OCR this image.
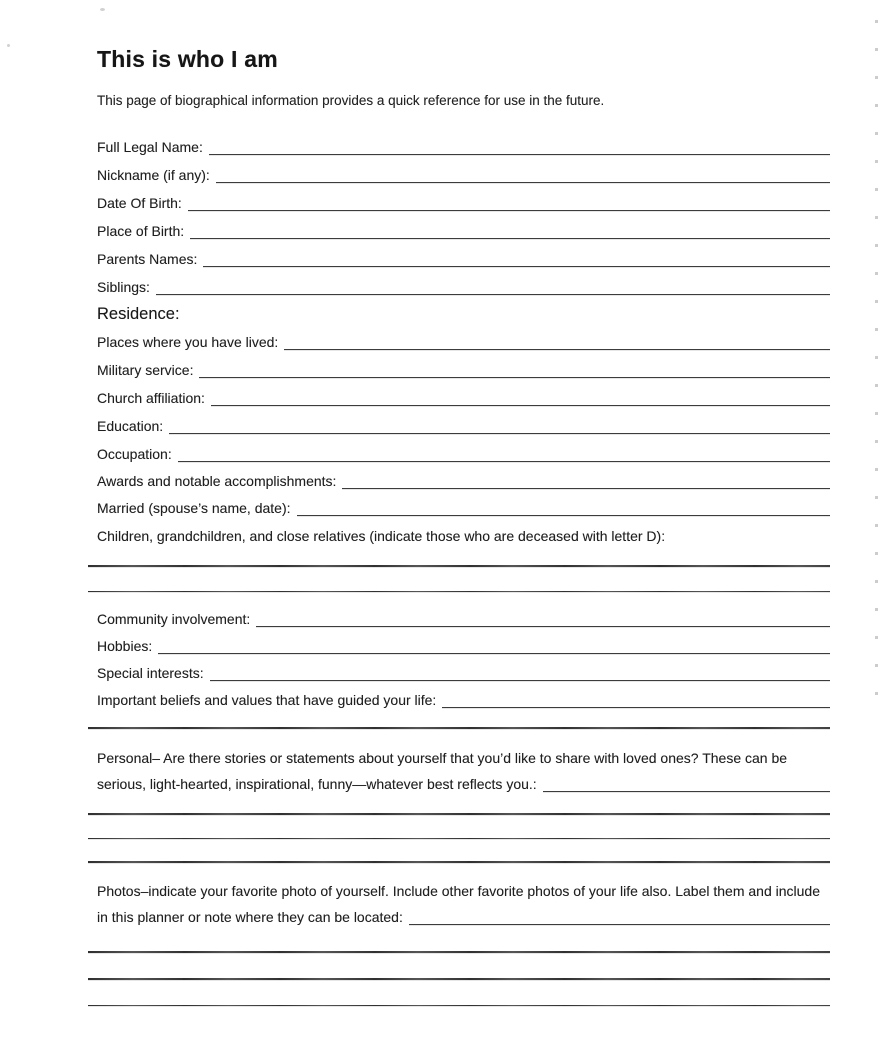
This is who I am
This page of biographical information provides a quick reference for use in the future.
Full Legal Name:
Nickname (if any):
Date Of Birth:
Place of Birth:
Parents Names:
Siblings:
Residence:
Places where you have lived:
Military service:
Church affiliation:
Education:
Occupation:
Awards and notable accomplishments:
Married (spouse’s name, date):
Children, grandchildren, and close relatives (indicate those who are deceased with letter D):
Community involvement:
Hobbies:
Special interests:
Important beliefs and values that have guided your life:
Personal– Are there stories or statements about yourself that you’d like to share with loved ones? These can be
serious, light-hearted, inspirational, funny—whatever best reflects you.:
Photos–indicate your favorite photo of yourself. Include other favorite photos of your life also. Label them and include
in this planner or note where they can be located:
